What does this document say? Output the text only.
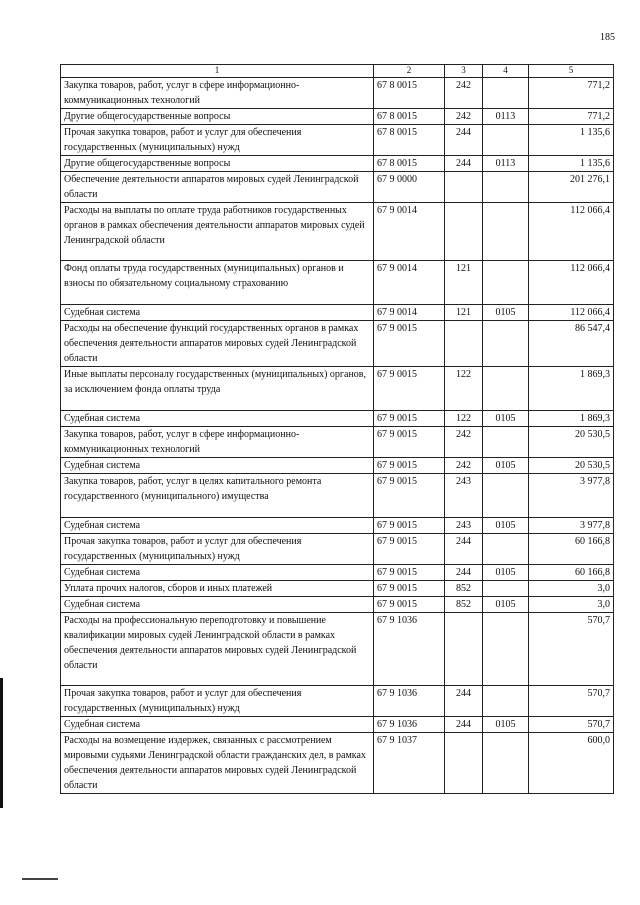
185
1	2	3	4	5
Закупка товаров, работ, услуг в сфере информационно-коммуникационных технологий	67 8 0015	242		771,2
Другие общегосударственные вопросы	67 8 0015	242	0113	771,2
Прочая закупка товаров, работ и услуг для обеспечения государственных (муниципальных) нужд	67 8 0015	244		1 135,6
Другие общегосударственные вопросы	67 8 0015	244	0113	1 135,6
Обеспечение деятельности аппаратов мировых судей Ленинградской области	67 9 0000			201 276,1
Расходы на выплаты по оплате труда работников государственных органов в рамках обеспечения деятельности аппаратов мировых судей Ленинградской области	67 9 0014			112 066,4
Фонд оплаты труда государственных (муниципальных) органов и взносы по обязательному социальному страхованию	67 9 0014	121		112 066,4
Судебная система	67 9 0014	121	0105	112 066,4
Расходы на обеспечение функций государственных органов в рамках обеспечения деятельности аппаратов мировых судей Ленинградской области	67 9 0015			86 547,4
Иные выплаты персоналу государственных (муниципальных) органов, за исключением фонда оплаты труда	67 9 0015	122		1 869,3
Судебная система	67 9 0015	122	0105	1 869,3
Закупка товаров, работ, услуг в сфере информационно-коммуникационных технологий	67 9 0015	242		20 530,5
Судебная система	67 9 0015	242	0105	20 530,5
Закупка товаров, работ, услуг в целях капитального ремонта государственного (муниципального) имущества	67 9 0015	243		3 977,8
Судебная система	67 9 0015	243	0105	3 977,8
Прочая закупка товаров, работ и услуг для обеспечения государственных (муниципальных) нужд	67 9 0015	244		60 166,8
Судебная система	67 9 0015	244	0105	60 166,8
Уплата прочих налогов, сборов и иных платежей	67 9 0015	852		3,0
Судебная система	67 9 0015	852	0105	3,0
Расходы на профессиональную переподготовку и повышение квалификации мировых судей Ленинградской области в рамках обеспечения деятельности аппаратов мировых судей Ленинградской области	67 9 1036			570,7
Прочая закупка товаров, работ и услуг для обеспечения государственных (муниципальных) нужд	67 9 1036	244		570,7
Судебная система	67 9 1036	244	0105	570,7
Расходы на возмещение издержек, связанных с рассмотрением мировыми судьями Ленинградской области гражданских дел, в рамках обеспечения деятельности аппаратов мировых судей Ленинградской области	67 9 1037			600,0
